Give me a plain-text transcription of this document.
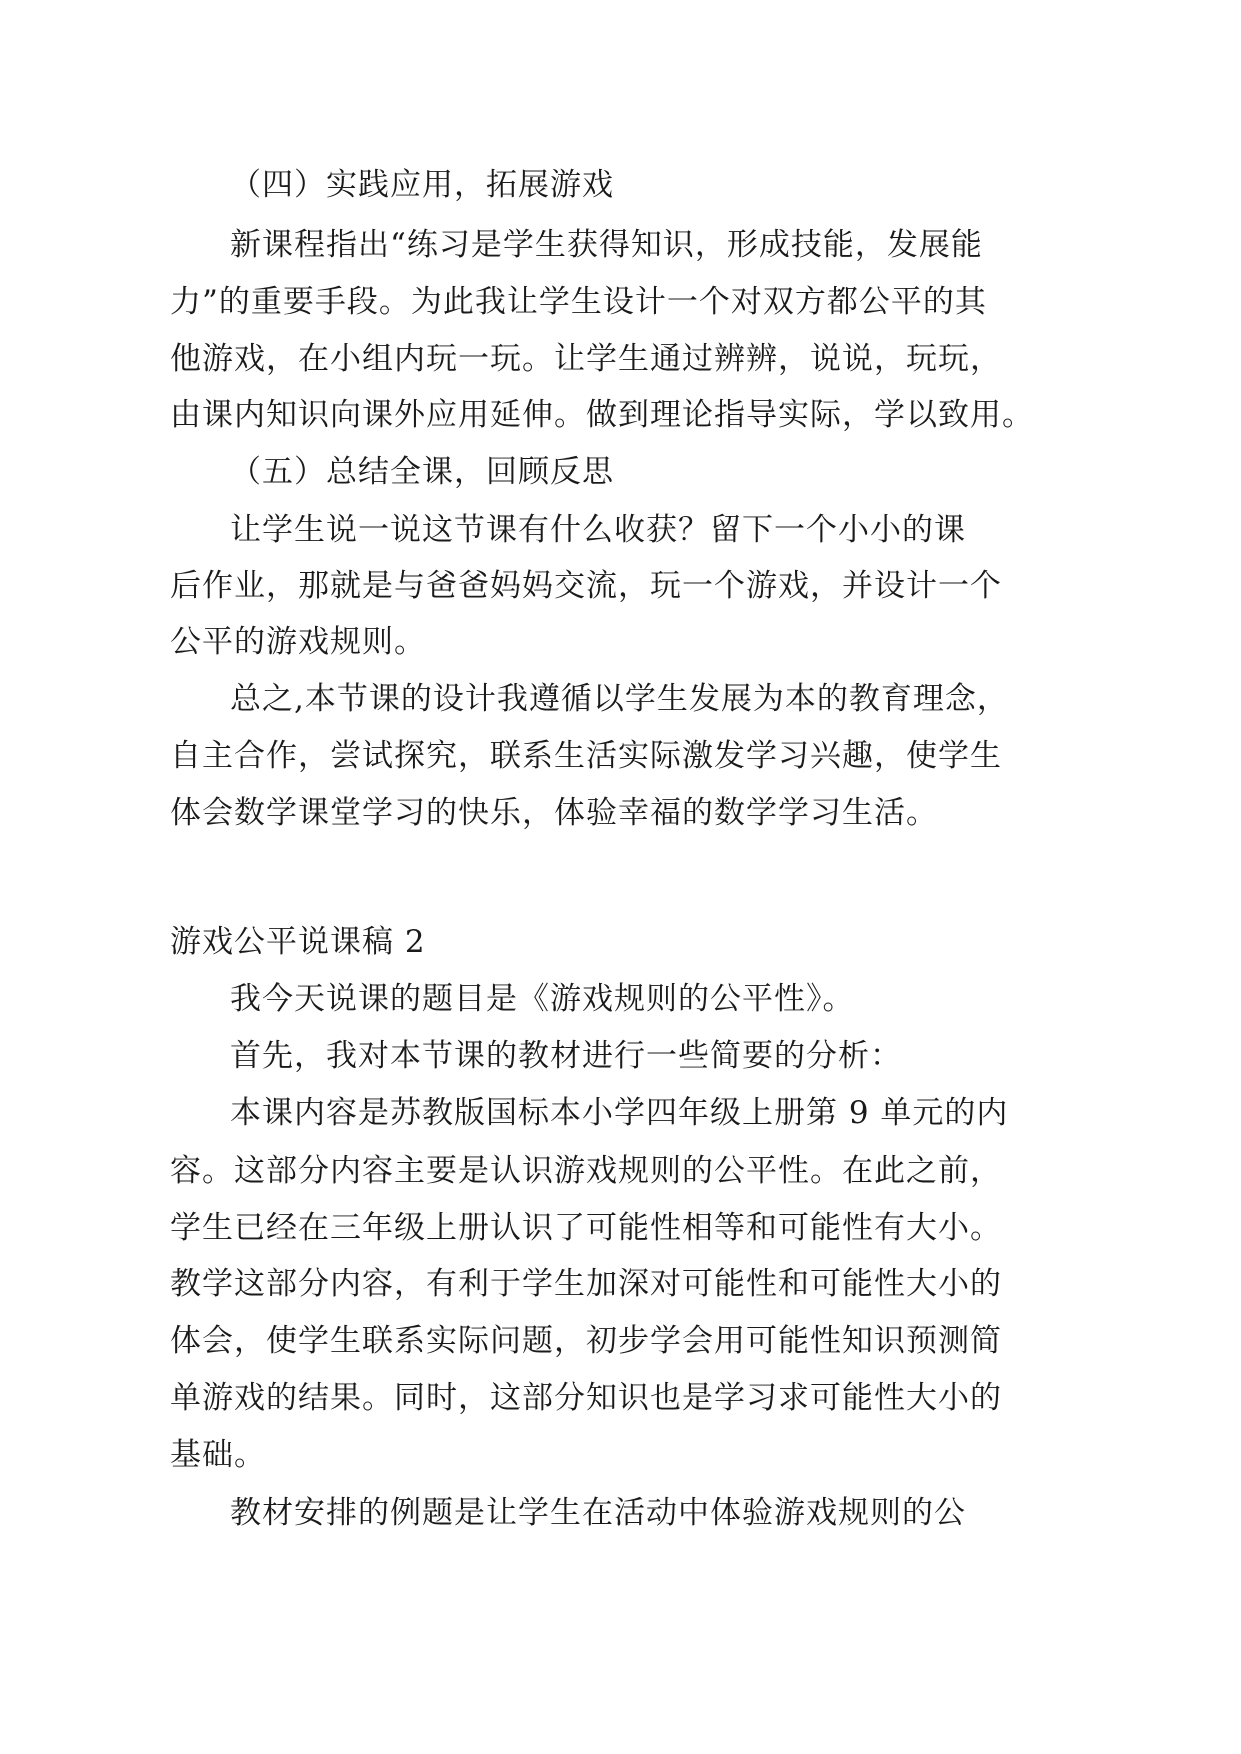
（四）实践应用，拓展游戏
新课程指出“练习是学生获得知识，形成技能，发展能
力”的重要手段。为此我让学生设计一个对双方都公平的其
他游戏，在小组内玩一玩。让学生通过辨辨，说说，玩玩，
由课内知识向课外应用延伸。做到理论指导实际，学以致用。
（五）总结全课，回顾反思
让学生说一说这节课有什么收获？留下一个小小的课
后作业，那就是与爸爸妈妈交流，玩一个游戏，并设计一个
公平的游戏规则。
总之,本节课的设计我遵循以学生发展为本的教育理念，
自主合作，尝试探究，联系生活实际激发学习兴趣，使学生
体会数学课堂学习的快乐，体验幸福的数学学习生活。
游戏公平说课稿 2
我今天说课的题目是《游戏规则的公平性》。
首先，我对本节课的教材进行一些简要的分析：
本课内容是苏教版国标本小学四年级上册第 9 单元的内
容。这部分内容主要是认识游戏规则的公平性。在此之前，
学生已经在三年级上册认识了可能性相等和可能性有大小。
教学这部分内容，有利于学生加深对可能性和可能性大小的
体会，使学生联系实际问题，初步学会用可能性知识预测简
单游戏的结果。同时，这部分知识也是学习求可能性大小的
基础。
教材安排的例题是让学生在活动中体验游戏规则的公
